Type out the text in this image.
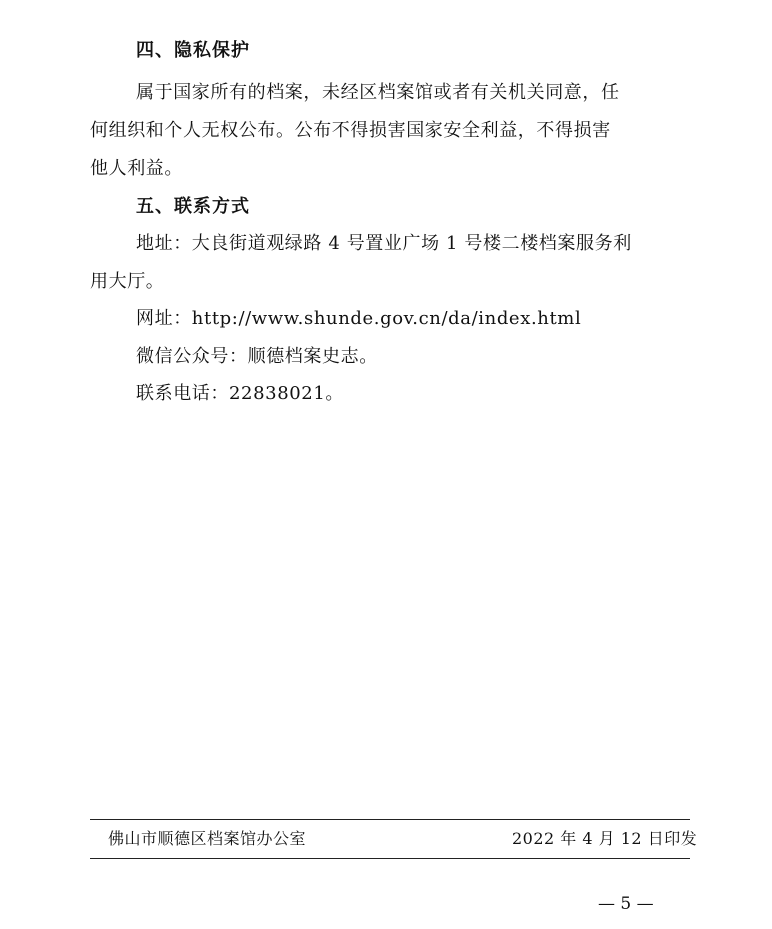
四、隐私保护
属于国家所有的档案，未经区档案馆或者有关机关同意，任
何组织和个人无权公布。公布不得损害国家安全利益，不得损害
他人利益。
五、联系方式
地址：大良街道观绿路 4 号置业广场 1 号楼二楼档案服务利
用大厅。
网址：http://www.shunde.gov.cn/da/index.html
微信公众号：顺德档案史志。
联系电话：22838021。
佛山市顺德区档案馆办公室	2022 年 4 月 12 日印发
— 5 —
